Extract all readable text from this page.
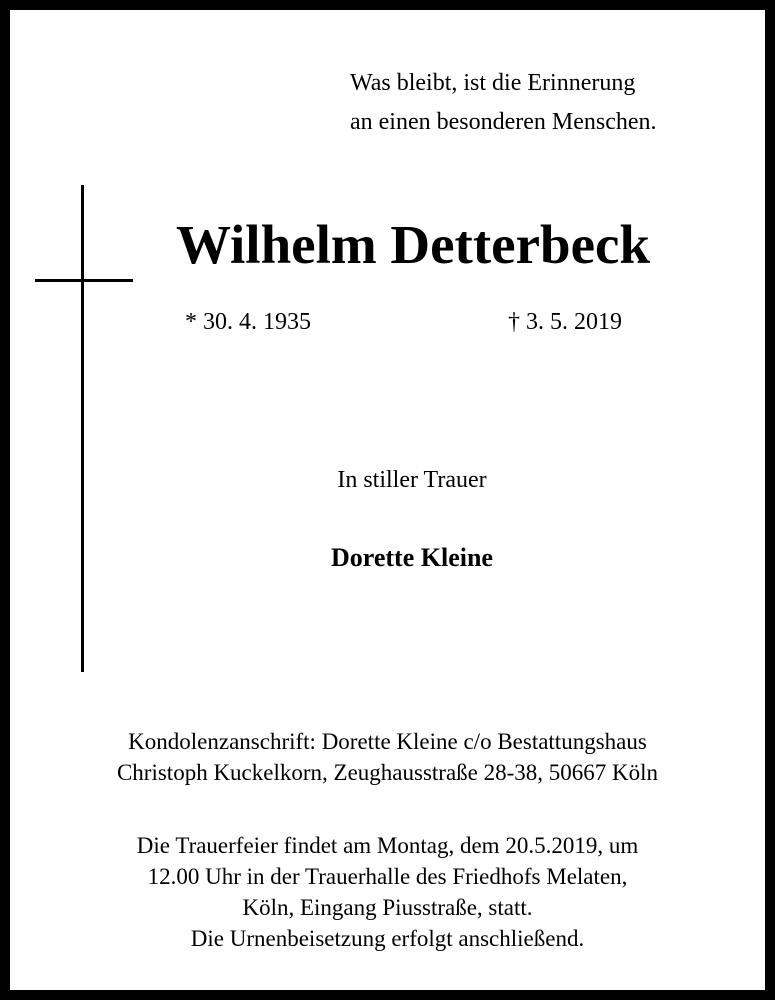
Was bleibt, ist die Erinnerung
an einen besonderen Menschen.
Wilhelm Detterbeck
* 30. 4. 1935	† 3. 5. 2019
In stiller Trauer
Dorette Kleine
Kondolenzanschrift: Dorette Kleine c/o Bestattungshaus
Christoph Kuckelkorn, Zeughausstraße 28-38, 50667 Köln
Die Trauerfeier findet am Montag, dem 20.5.2019, um
12.00 Uhr in der Trauerhalle des Friedhofs Melaten,
Köln, Eingang Piusstraße, statt.
Die Urnenbeisetzung erfolgt anschließend.
